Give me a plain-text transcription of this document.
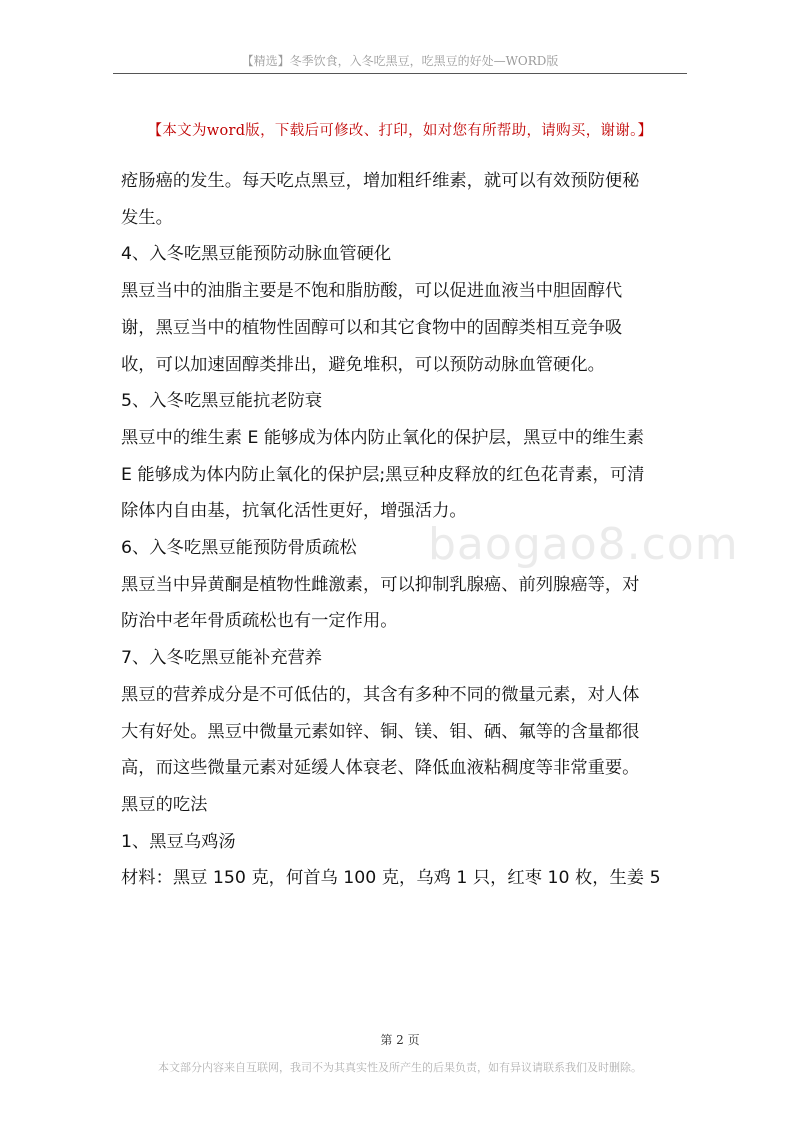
【精选】冬季饮食，入冬吃黑豆，吃黑豆的好处—WORD版
【本文为word版，下载后可修改、打印，如对您有所帮助，请购买，谢谢。】
baogao8.com

疮肠癌的发生。每天吃点黑豆，增加粗纤维素，就可以有效预防便秘

发生。

4、入冬吃黑豆能预防动脉血管硬化

黑豆当中的油脂主要是不饱和脂肪酸，可以促进血液当中胆固醇代

谢，黑豆当中的植物性固醇可以和其它食物中的固醇类相互竞争吸

收，可以加速固醇类排出，避免堆积，可以预防动脉血管硬化。

5、入冬吃黑豆能抗老防衰

黑豆中的维生素 E 能够成为体内防止氧化的保护层，黑豆中的维生素

E 能够成为体内防止氧化的保护层;黑豆种皮释放的红色花青素，可清

除体内自由基，抗氧化活性更好，增强活力。

6、入冬吃黑豆能预防骨质疏松

黑豆当中异黄酮是植物性雌激素，可以抑制乳腺癌、前列腺癌等，对

防治中老年骨质疏松也有一定作用。

7、入冬吃黑豆能补充营养

黑豆的营养成分是不可低估的，其含有多种不同的微量元素，对人体

大有好处。黑豆中微量元素如锌、铜、镁、钼、硒、氟等的含量都很

高，而这些微量元素对延缓人体衰老、降低血液粘稠度等非常重要。

黑豆的吃法

1、黑豆乌鸡汤

材料：黑豆 150 克，何首乌 100 克，乌鸡 1 只，红枣 10 枚，生姜 5

第 2 页
本文部分内容来自互联网，我司不为其真实性及所产生的后果负责，如有异议请联系我们及时删除。
